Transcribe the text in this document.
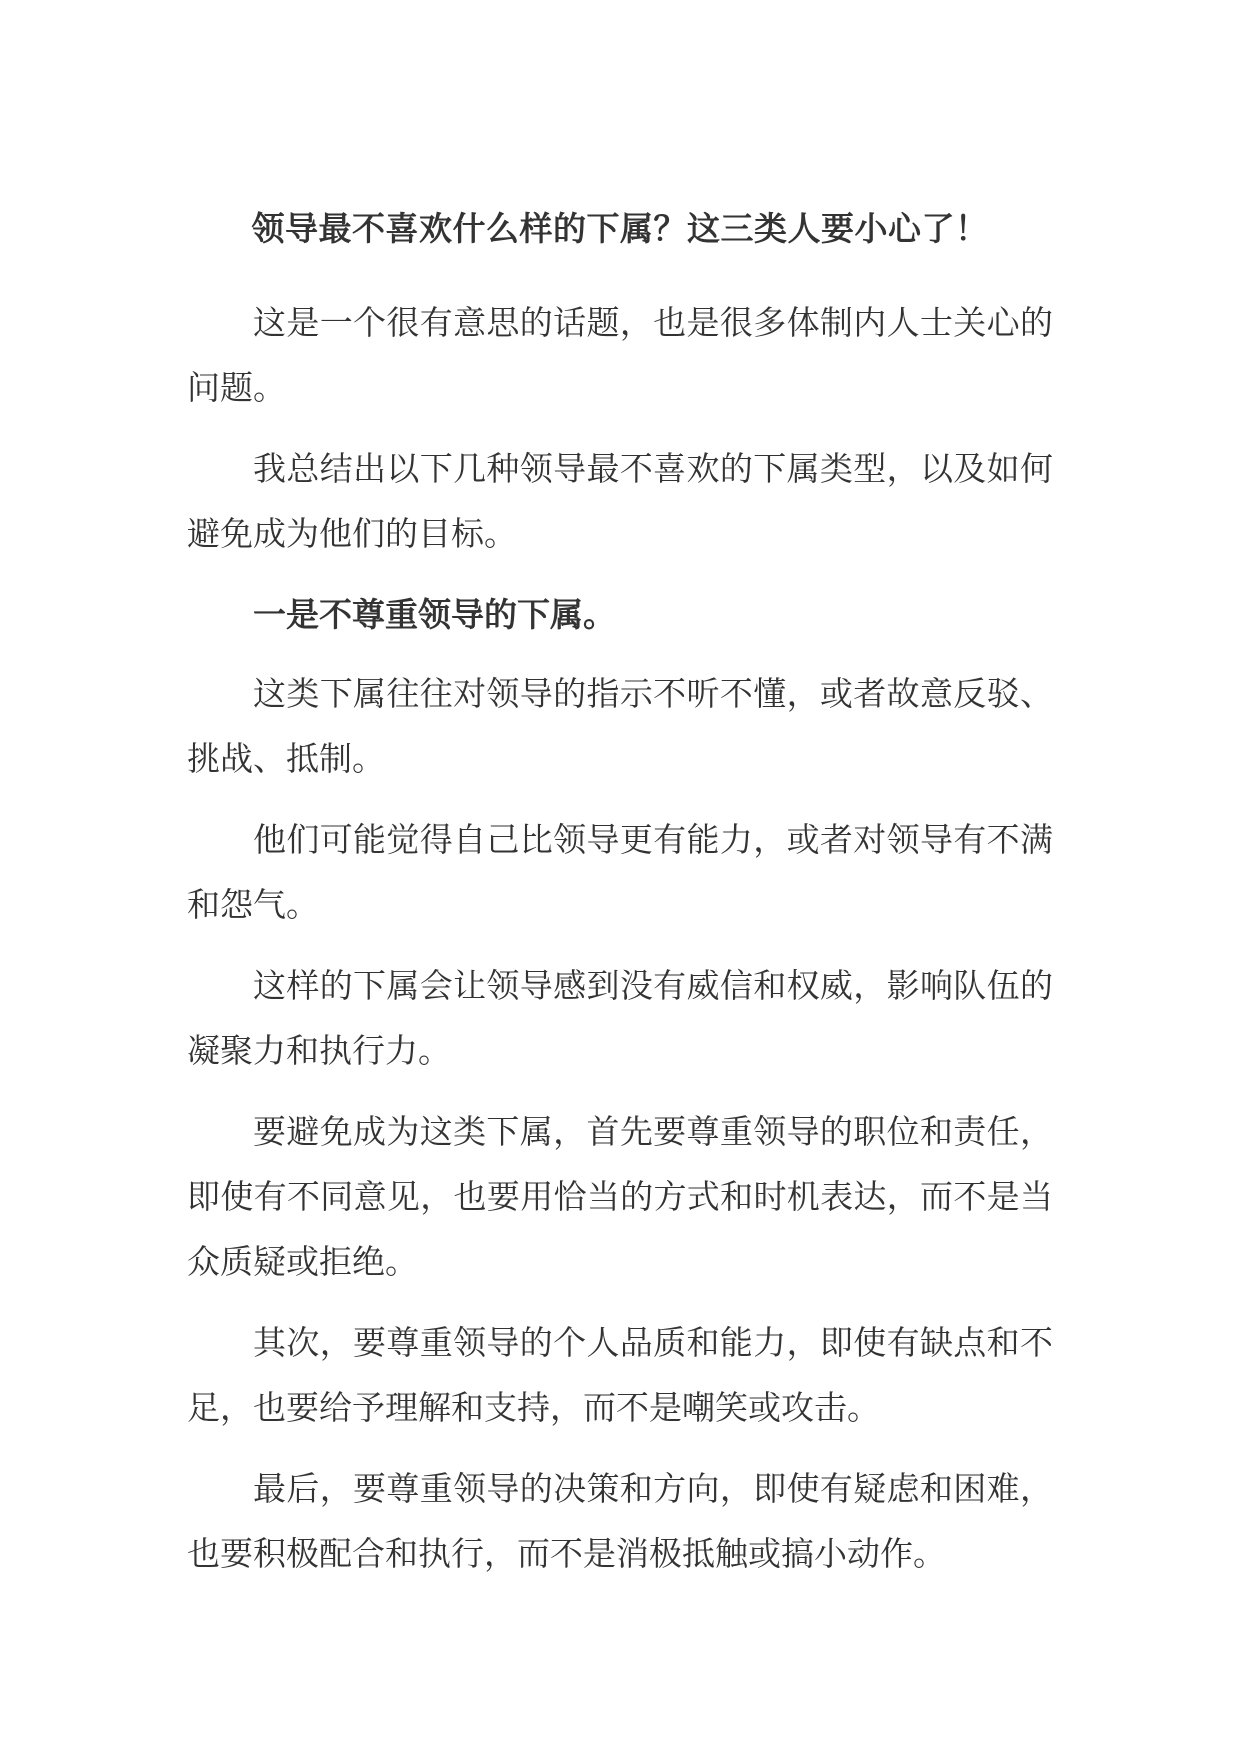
领导最不喜欢什么样的下属？这三类人要小心了！

这是一个很有意思的话题，也是很多体制内人士关心的问题。

我总结出以下几种领导最不喜欢的下属类型，以及如何避免成为他们的目标。

一是不尊重领导的下属。

这类下属往往对领导的指示不听不懂，或者故意反驳、挑战、抵制。

他们可能觉得自己比领导更有能力，或者对领导有不满和怨气。

这样的下属会让领导感到没有威信和权威，影响队伍的凝聚力和执行力。

要避免成为这类下属，首先要尊重领导的职位和责任，即使有不同意见，也要用恰当的方式和时机表达，而不是当众质疑或拒绝。

其次，要尊重领导的个人品质和能力，即使有缺点和不足，也要给予理解和支持，而不是嘲笑或攻击。

最后，要尊重领导的决策和方向，即使有疑虑和困难，也要积极配合和执行，而不是消极抵触或搞小动作。
